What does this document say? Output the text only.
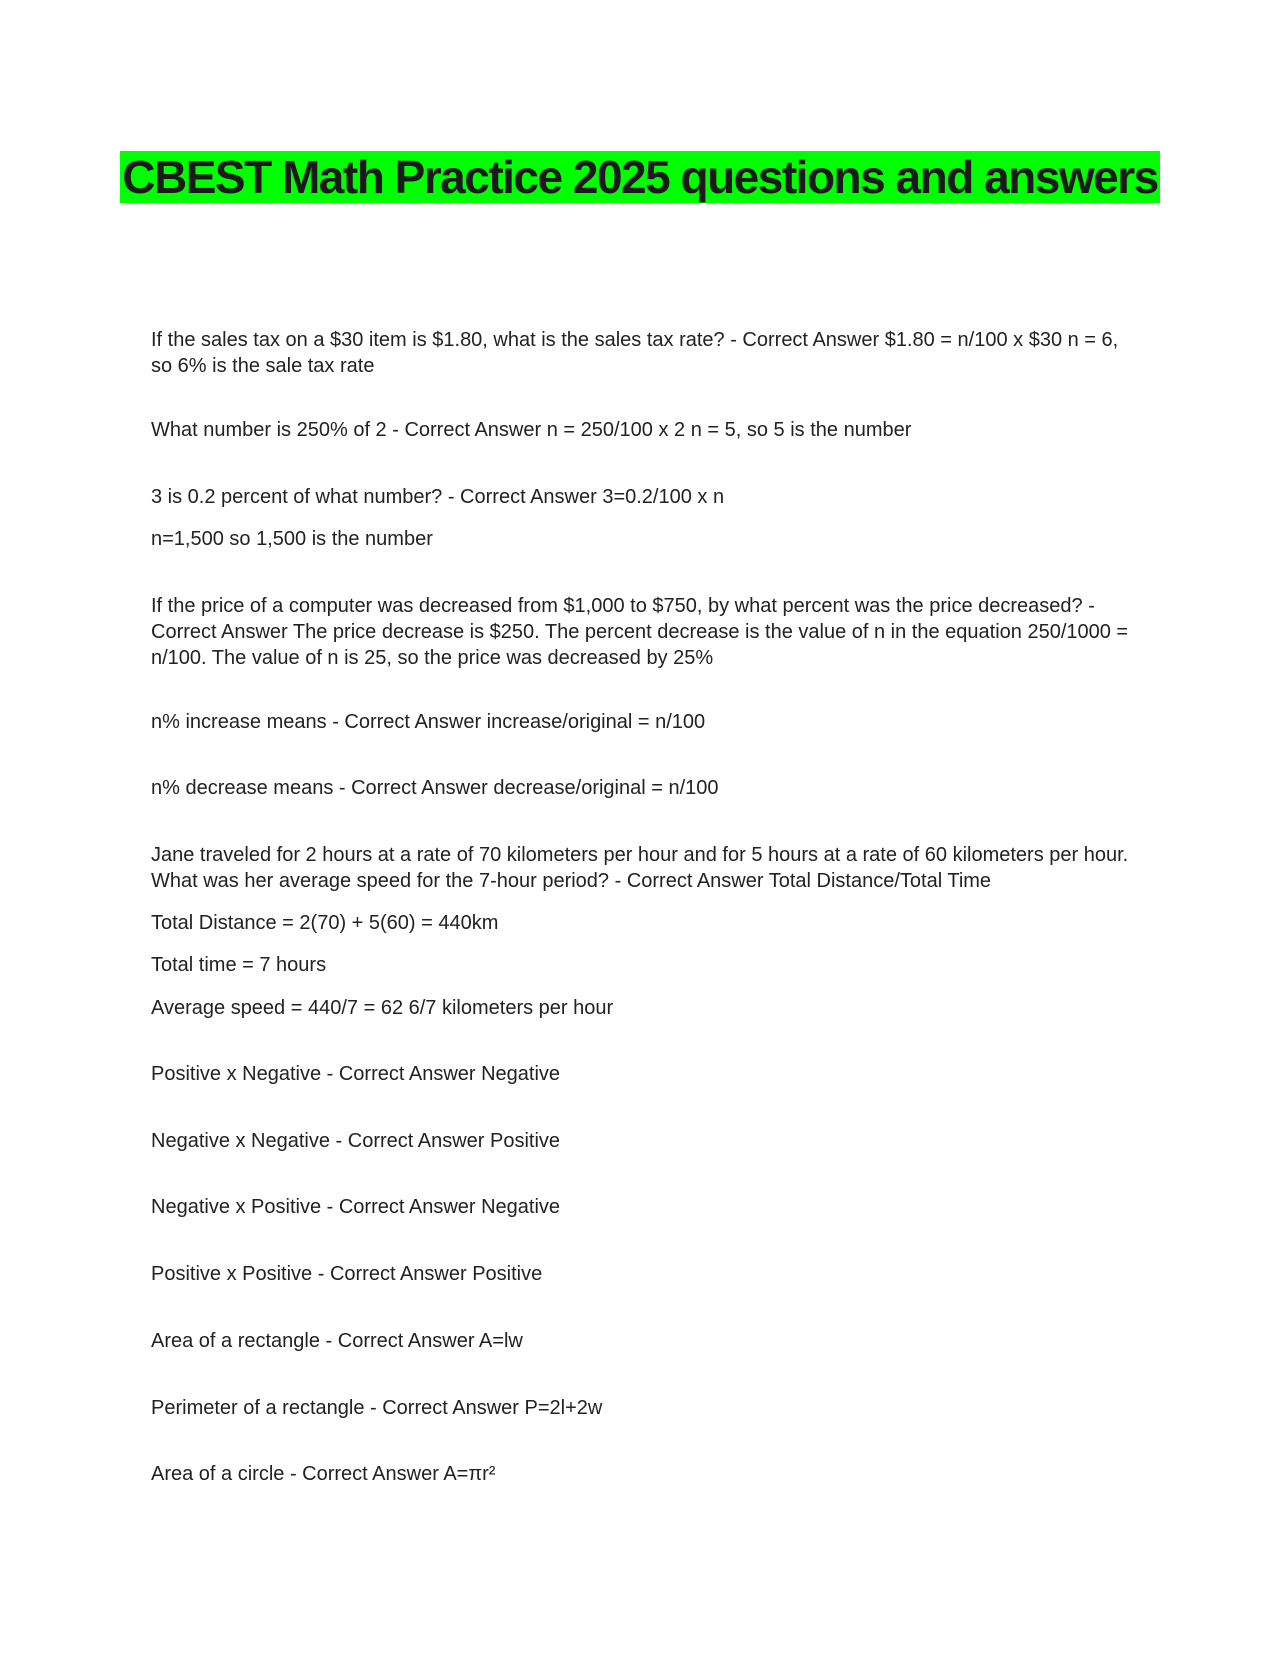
CBEST Math Practice 2025 questions and answers

If the sales tax on a $30 item is $1.80, what is the sales tax rate? - Correct Answer $1.80 = n/100 x $30 n = 6, so 6% is the sale tax rate

What number is 250% of 2 - Correct Answer n = 250/100 x 2 n = 5, so 5 is the number

3 is 0.2 percent of what number? - Correct Answer 3=0.2/100 x n

n=1,500 so 1,500 is the number

If the price of a computer was decreased from $1,000 to $750, by what percent was the price decreased? - Correct Answer The price decrease is $250. The percent decrease is the value of n in the equation 250/1000 = n/100. The value of n is 25, so the price was decreased by 25%

n% increase means - Correct Answer increase/original = n/100

n% decrease means - Correct Answer decrease/original = n/100

Jane traveled for 2 hours at a rate of 70 kilometers per hour and for 5 hours at a rate of 60 kilometers per hour. What was her average speed for the 7-hour period? - Correct Answer Total Distance/Total Time

Total Distance = 2(70) + 5(60) = 440km

Total time = 7 hours

Average speed = 440/7 = 62 6/7 kilometers per hour

Positive x Negative - Correct Answer Negative

Negative x Negative - Correct Answer Positive

Negative x Positive - Correct Answer Negative

Positive x Positive - Correct Answer Positive

Area of a rectangle - Correct Answer A=lw

Perimeter of a rectangle - Correct Answer P=2l+2w

Area of a circle - Correct Answer A=πr²
